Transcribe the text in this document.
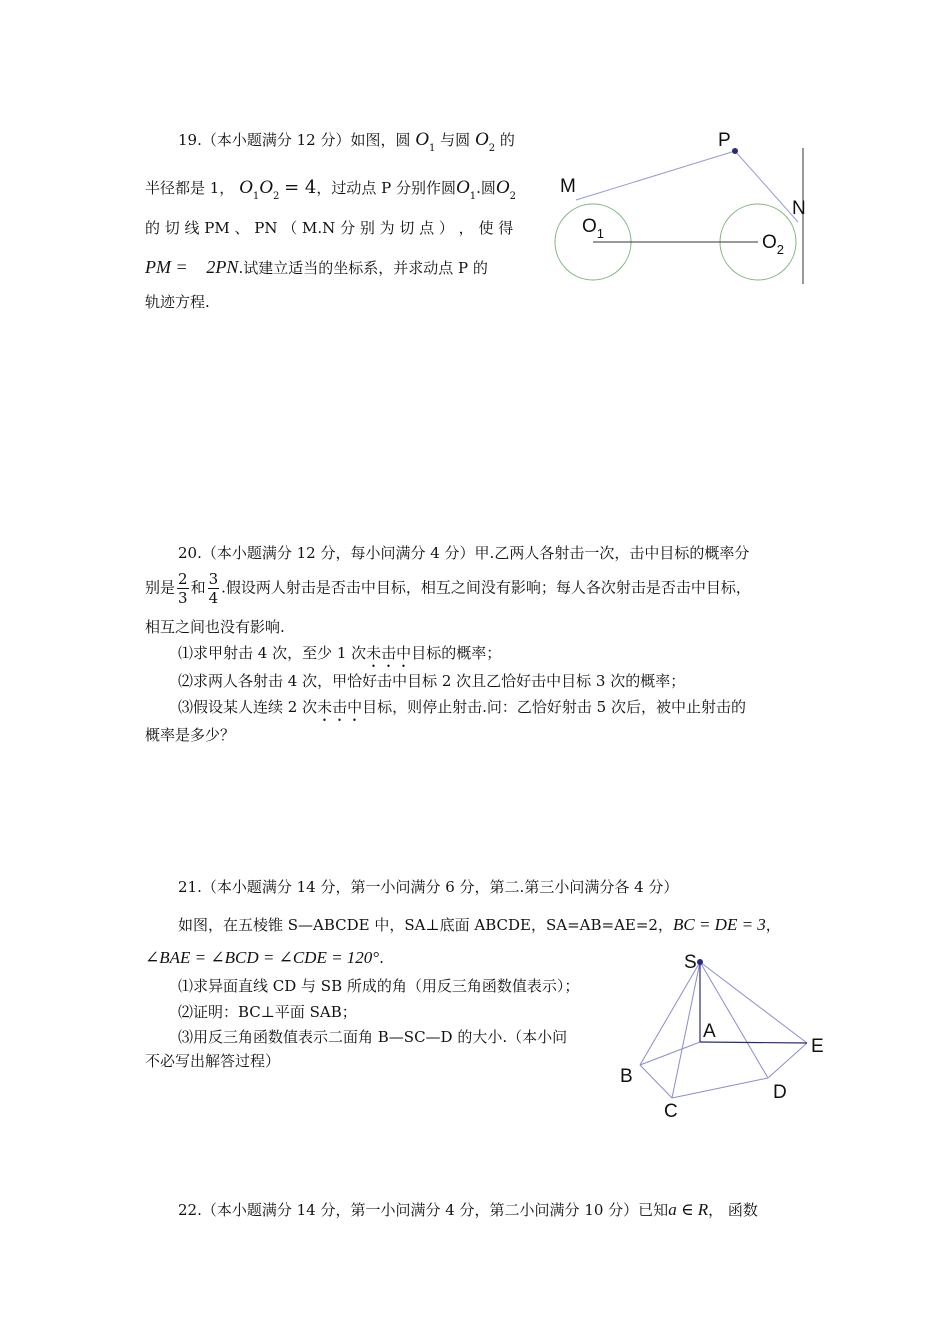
19.（本小题满分 12 分）如图，圆 $O_1$ 与圆 $O_2$ 的
半径都是 1， $O_1O_2 = 4$，过动点 P 分别作圆$O_1$.圆$O_2$
的 切 线 PM 、 PN （ M.N 分 别 为 切 点 ） ， 使 得
PM = 2PN.试建立适当的坐标系，并求动点 P 的
轨迹方程.
P
M
N
$O_1$	$O_2$
20.（本小题满分 12 分，每小问满分 4 分）甲.乙两人各射击一次，击中目标的概率分
别是 $\frac{2}{3}$ 和 $\frac{3}{4}$ .假设两人射击是否击中目标，相互之间没有影响；每人各次射击是否击中目标，
相互之间也没有影响.
⑴求甲射击 4 次，至少 1 次未击中目标的概率；
⑵求两人各射击 4 次，甲恰好击中目标 2 次且乙恰好击中目标 3 次的概率；
⑶假设某人连续 2 次未击中目标，则停止射击.问：乙恰好射击 5 次后，被中止射击的
概率是多少？
21.（本小题满分 14 分，第一小问满分 6 分，第二.第三小问满分各 4 分）
如图，在五棱锥 S—ABCDE 中，SA⊥底面 ABCDE，SA=AB=AE=2，BC = DE = 3，
∠BAE = ∠BCD = ∠CDE = 120°.
⑴求异面直线 CD 与 SB 所成的角（用反三角函数值表示）；
⑵证明：BC⊥平面 SAB；
⑶用反三角函数值表示二面角 B—SC—D 的大小.（本小问
不必写出解答过程）
S
A
B
C
D
E
22.（本小题满分 14 分，第一小问满分 4 分，第二小问满分 10 分）已知a ∈ R， 函数
